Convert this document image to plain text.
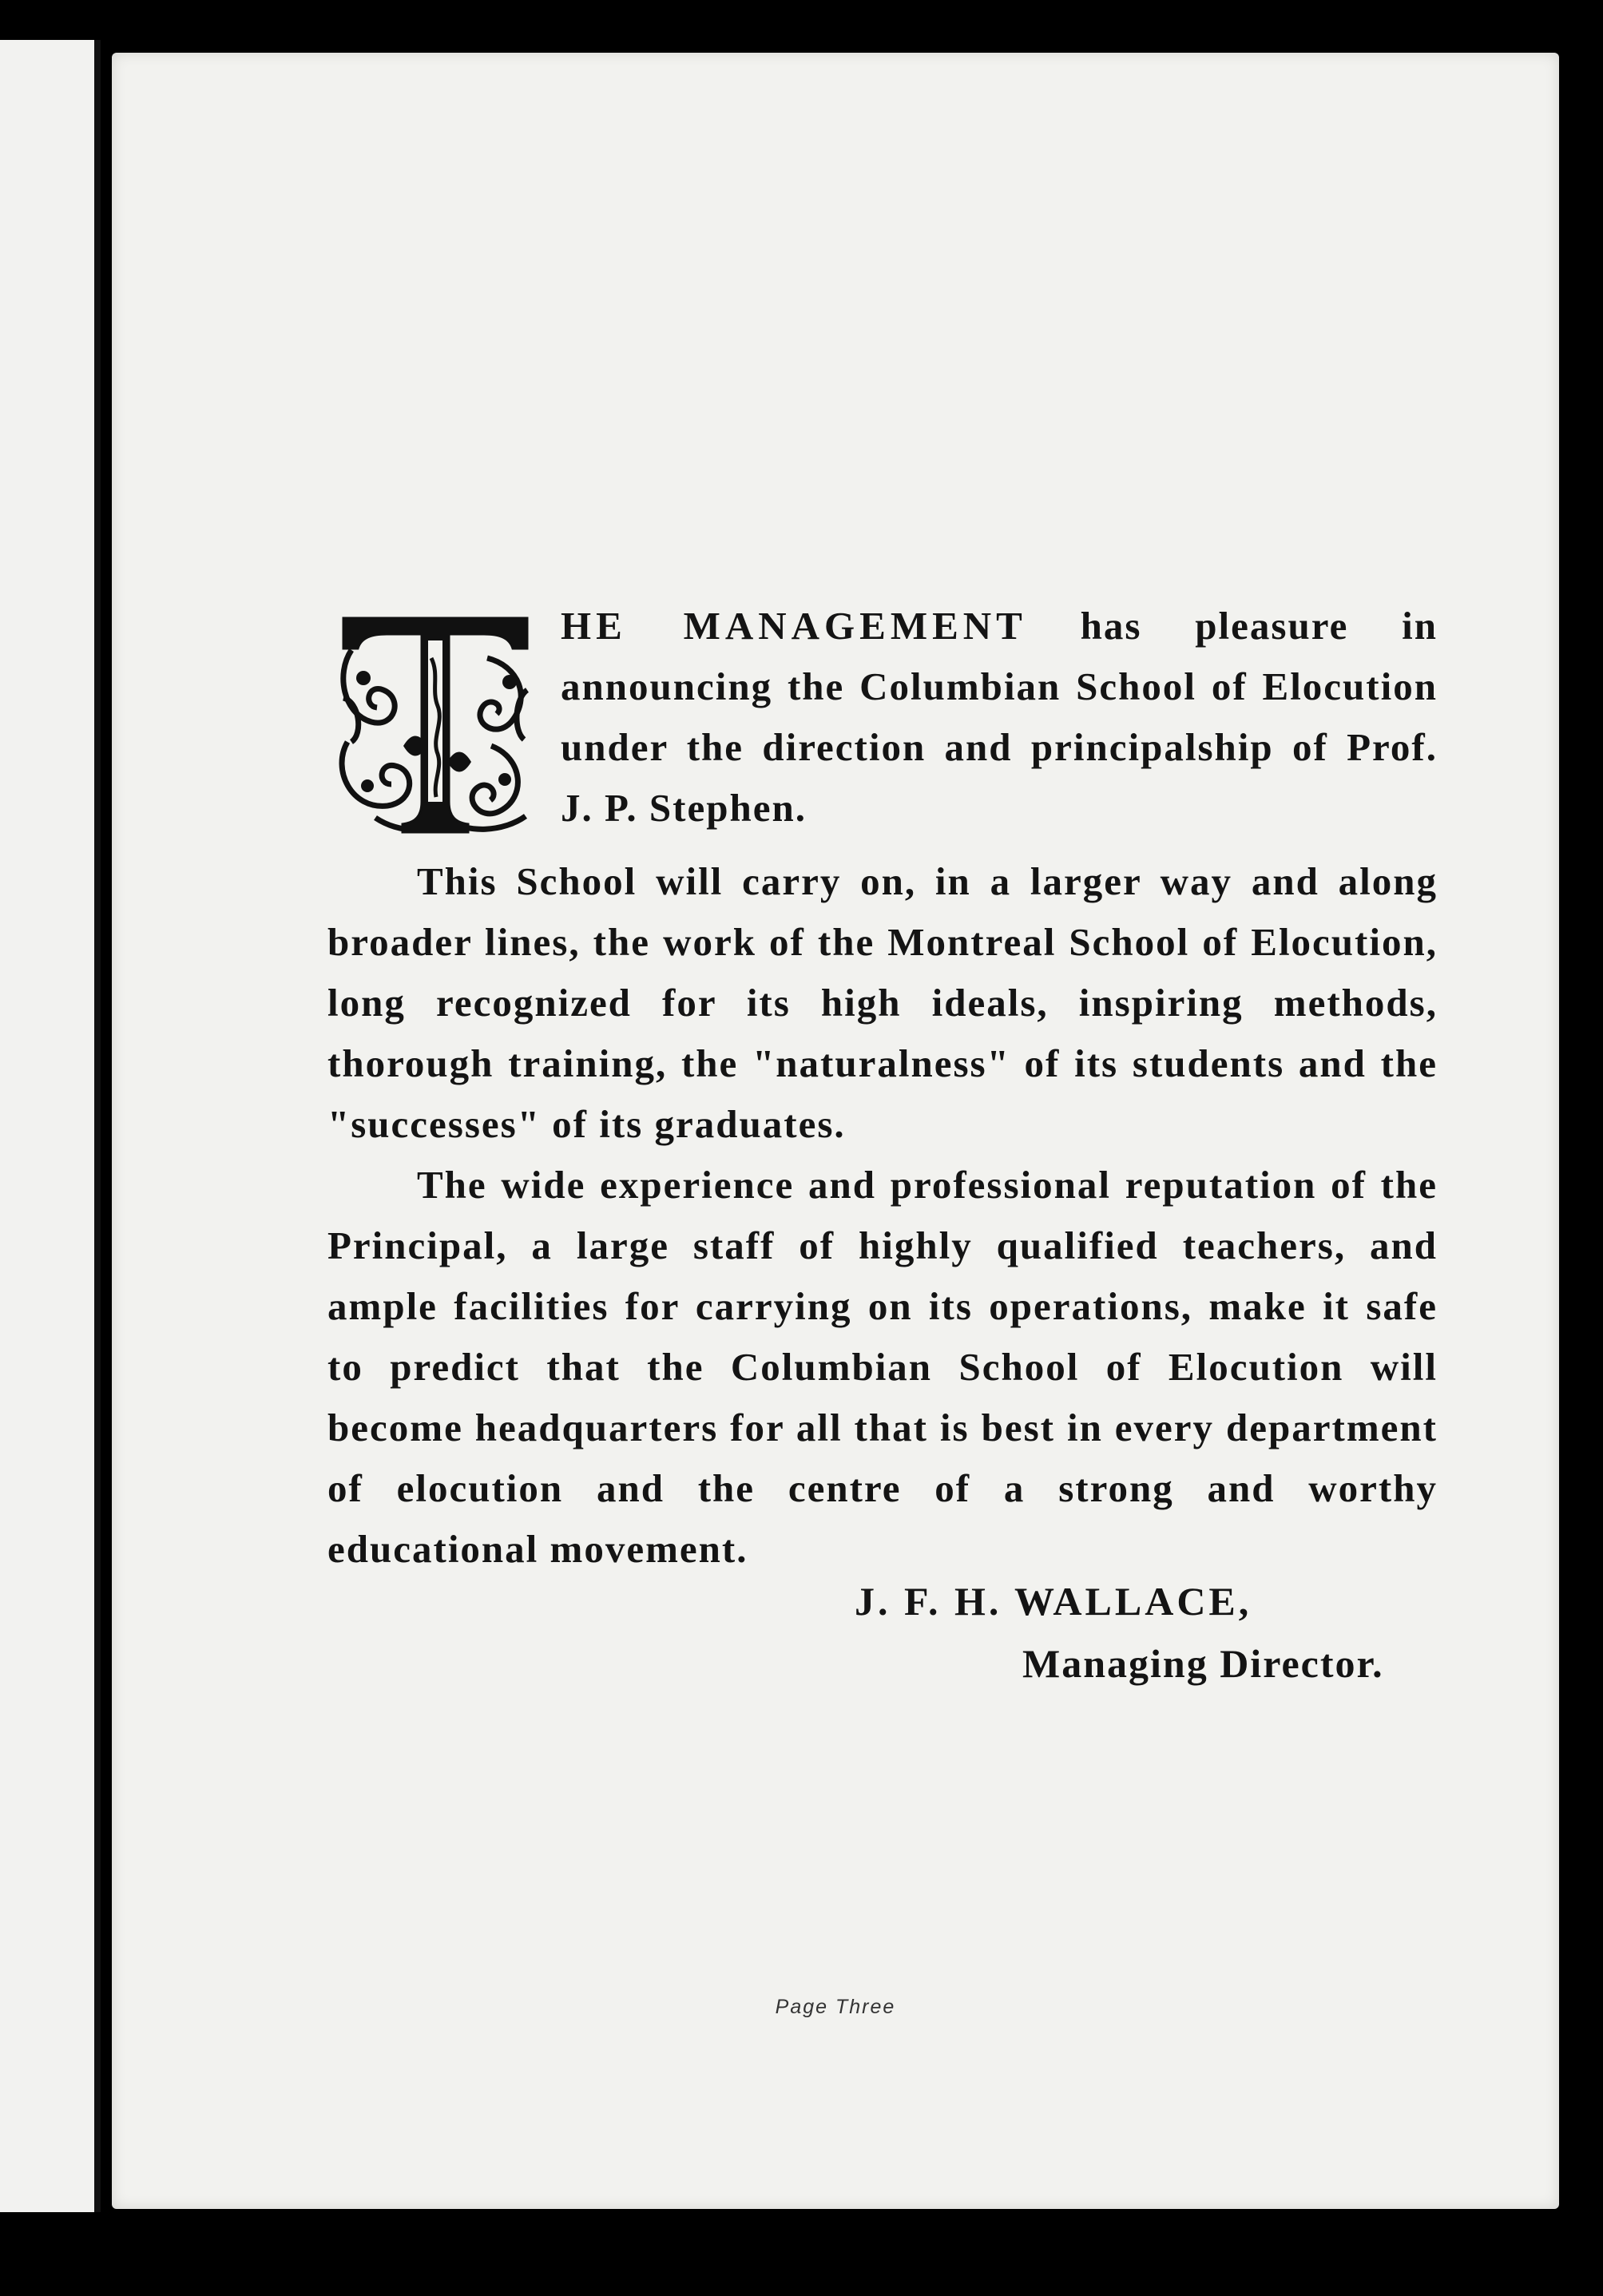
HE MANAGEMENT has pleasure in announcing the Columbian School of Elocution under the direction and principalship of Prof. J. P. Stephen.

This School will carry on, in a larger way and along broader lines, the work of the Montreal School of Elocution, long recognized for its high ideals, inspiring methods, thorough training, the "naturalness" of its students and the "successes" of its graduates.

The wide experience and professional reputation of the Principal, a large staff of highly qualified teachers, and ample facilities for carrying on its operations, make it safe to predict that the Columbian School of Elocution will become headquarters for all that is best in every department of elocution and the centre of a strong and worthy educational movement.

J. F. H. WALLACE,
Managing Director.
Page Three
